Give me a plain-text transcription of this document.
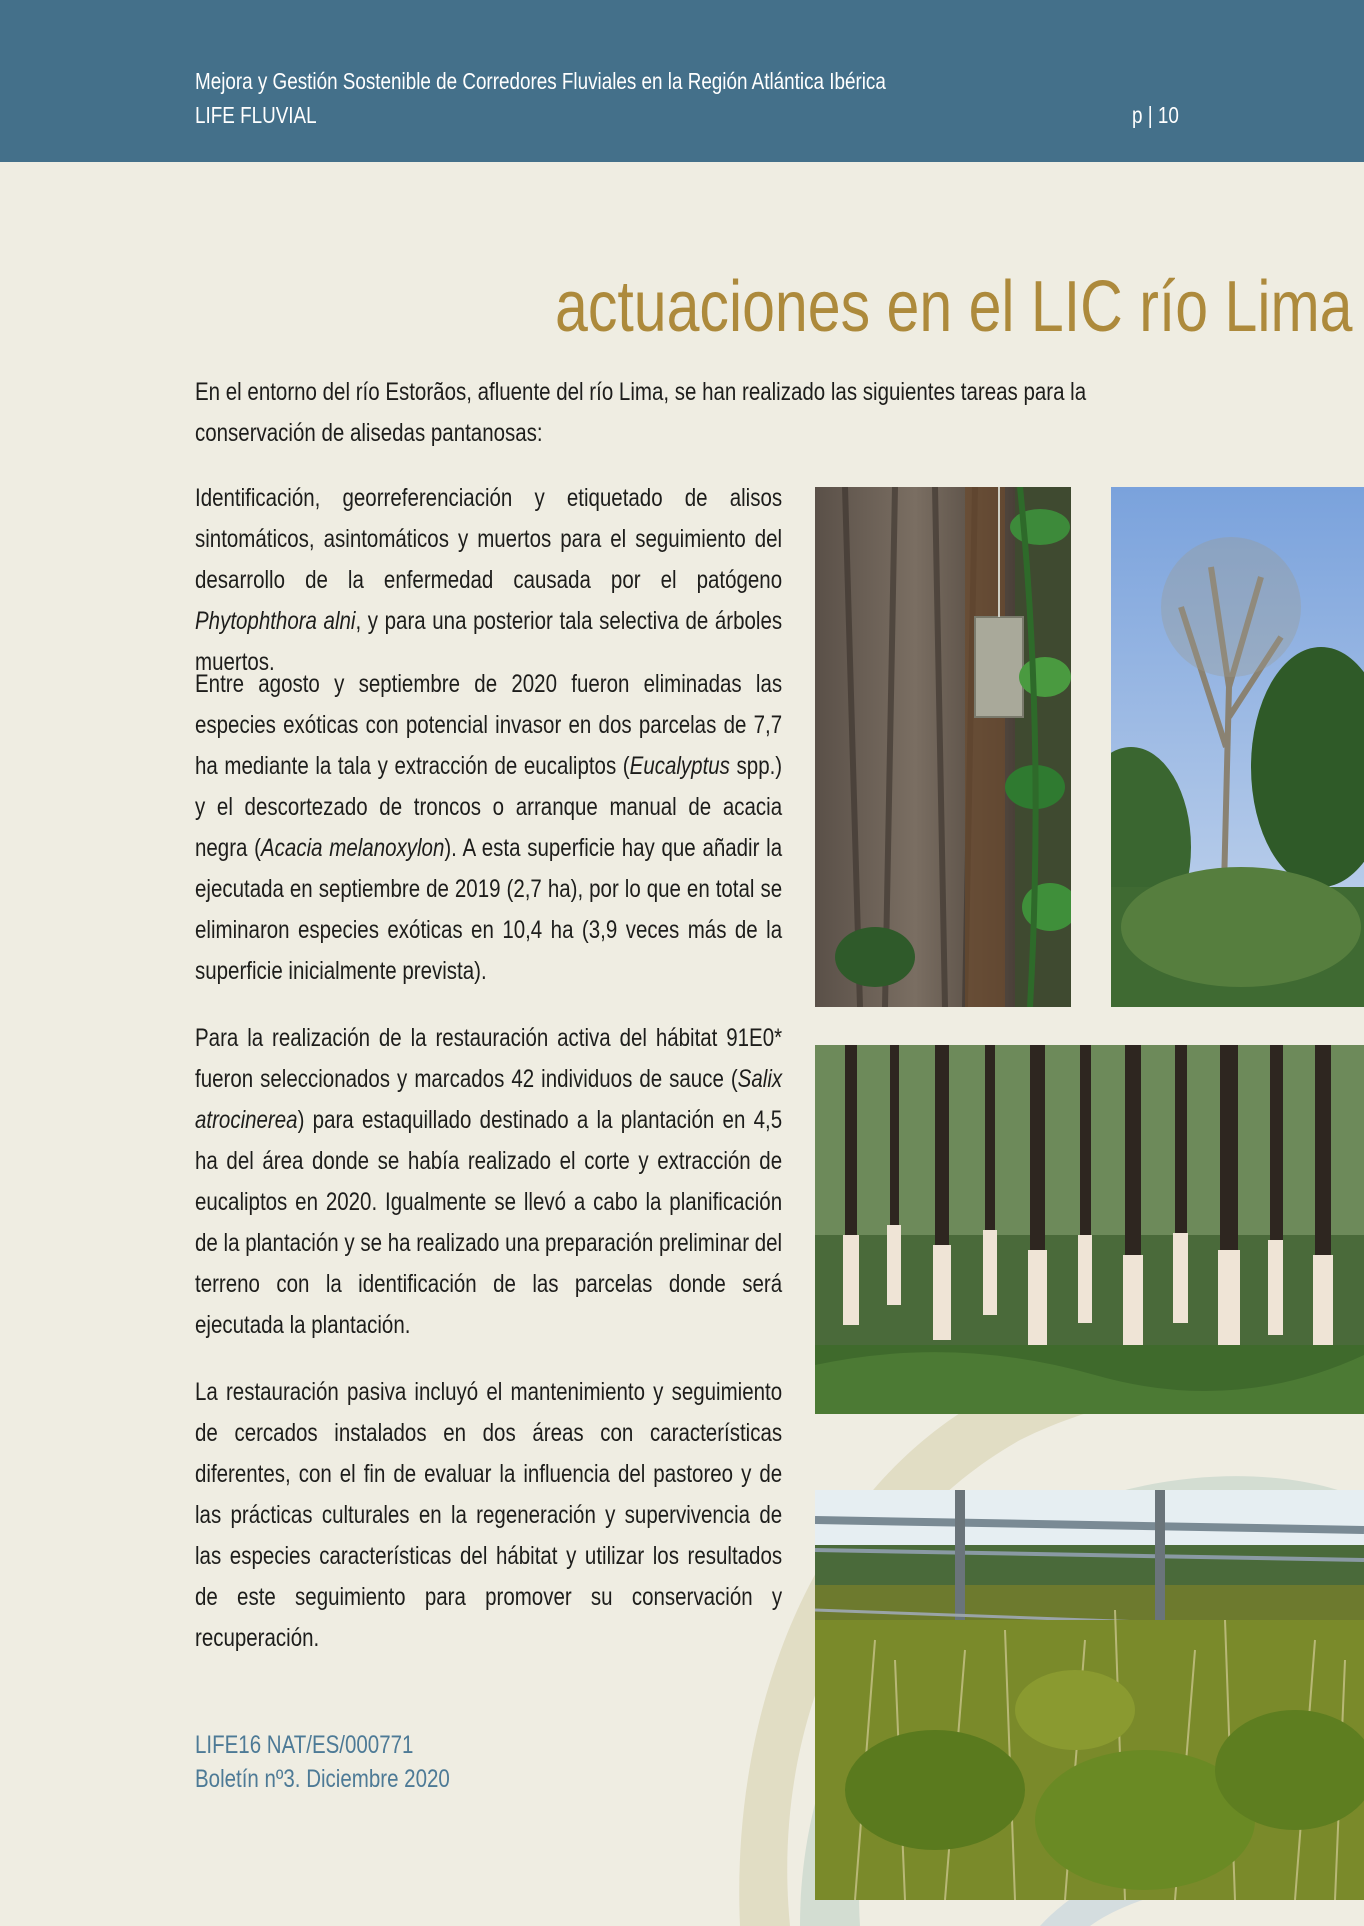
Mejora y Gestión Sostenible de Corredores Fluviales en la Región Atlántica Ibérica
LIFE FLUVIAL	p | 10
actuaciones en el LIC río Lima
En el entorno del río Estorãos, afluente del río Lima, se han realizado las siguientes tareas para la conservación de alisedas pantanosas:
Identificación, georreferenciación y etiquetado de alisos sintomáticos, asintomáticos y muertos para el seguimiento del desarrollo de la enfermedad causada por el patógeno Phytophthora alni, y para una posterior tala selectiva de árboles muertos.
Entre agosto y septiembre de 2020 fueron eliminadas las especies exóticas con potencial invasor en dos parcelas de 7,7 ha mediante la tala y extracción de eucaliptos (Eucalyptus spp.) y el descortezado de troncos o arranque manual de acacia negra (Acacia melanoxylon). A esta superficie hay que añadir la ejecutada en septiembre de 2019 (2,7 ha), por lo que en total se eliminaron especies exóticas en 10,4 ha (3,9 veces más de la superficie inicialmente prevista).
Para la realización de la restauración activa del hábitat 91E0* fueron seleccionados y marcados 42 individuos de sauce (Salix atrocinerea) para estaquillado destinado a la plantación en 4,5 ha del área donde se había realizado el corte y extracción de eucaliptos en 2020. Igualmente se llevó a cabo la planificación de la plantación y se ha realizado una preparación preliminar del terreno con la identificación de las parcelas donde será ejecutada la plantación.
La restauración pasiva incluyó el mantenimiento y seguimiento de cercados instalados en dos áreas con características diferentes, con el fin de evaluar la influencia del pastoreo y de las prácticas culturales en la regeneración y supervivencia de las especies características del hábitat y utilizar los resultados de este seguimiento para promover su conservación y recuperación.
LIFE16 NAT/ES/000771
Boletín nº3. Diciembre 2020
